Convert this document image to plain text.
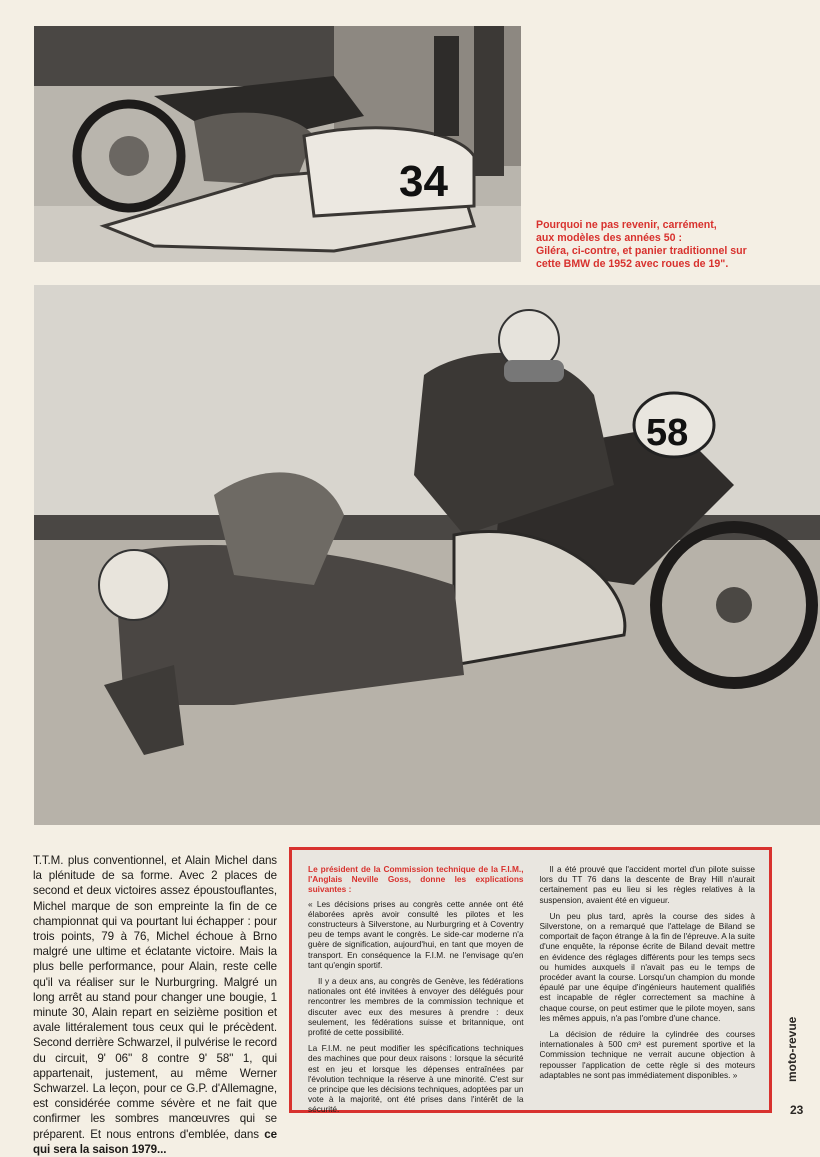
34
Pourquoi ne pas revenir, carrément,
aux modèles des années 50 :
Giléra, ci-contre, et panier traditionnel sur
cette BMW de 1952 avec roues de 19".
58
T.T.M. plus conventionnel, et Alain Michel dans la plénitude de sa forme. Avec 2 places de second et deux victoires assez époustouflantes, Michel marque de son empreinte la fin de ce championnat qui va pourtant lui échapper : pour trois points, 79 à 76, Michel échoue à Brno malgré une ultime et éclatante victoire. Mais la plus belle performance, pour Alain, reste celle qu'il va réaliser sur le Nurburgring. Malgré un long arrêt au stand pour changer une bougie, 1 minute 30, Alain repart en seizième position et avale littéralement tous ceux qui le précèdent. Second derrière Schwarzel, il pulvérise le record du circuit, 9' 06'' 8 contre 9' 58'' 1, qui appartenait, justement, au même Werner Schwarzel. La leçon, pour ce G.P. d'Allemagne, est considérée comme sévère et ne fait que confirmer les sombres manœuvres qui se préparent. Et nous entrons d'emblée, dans ce qui sera la saison 1979...

Le président de la Commission technique de la F.I.M., l'Anglais Neville Goss, donne les explications suivantes :

« Les décisions prises au congrès cette année ont été élaborées après avoir consulté les pilotes et les constructeurs à Silverstone, au Nurburgring et à Coventry peu de temps avant le congrès. Le side-car moderne n'a guère de signification, aujourd'hui, en tant que moyen de transport. En conséquence la F.I.M. ne l'envisage qu'en tant qu'engin sportif.

Il y a deux ans, au congrès de Genève, les fédérations nationales ont été invitées à envoyer des délégués pour rencontrer les membres de la commission technique et discuter avec eux des mesures à prendre : deux seulement, les fédérations suisse et britannique, ont profité de cette possibilité.

La F.I.M. ne peut modifier les spécifications techniques des machines que pour deux raisons : lorsque la sécurité est en jeu et lorsque les dépenses entraînées par l'évolution technique la réserve à une minorité. C'est sur ce principe que les décisions techniques, adoptées par un vote à la majorité, ont été prises dans l'intérêt de la sécurité.

Il a été prouvé que l'accident mortel d'un pilote suisse lors du TT 76 dans la descente de Bray Hill n'aurait certainement pas eu lieu si les règles relatives à la suspension, avaient été en vigueur.

Un peu plus tard, après la course des sides à Silverstone, on a remarqué que l'attelage de Biland se comportait de façon étrange à la fin de l'épreuve. A la suite d'une enquête, la réponse écrite de Biland devait mettre en évidence des réglages différents pour les temps secs ou humides auxquels il n'avait pas eu le temps de procéder avant la course. Lorsqu'un champion du monde épaulé par une équipe d'ingénieurs hautement qualifiés est incapable de régler correctement sa machine à chaque course, on peut estimer que le pilote moyen, sans les mêmes appuis, n'a pas l'ombre d'une chance.

La décision de réduire la cylindrée des courses internationales à 500 cm³ est purement sportive et la Commission technique ne verrait aucune objection à repousser l'application de cette règle si des moteurs adaptables ne sont pas immédiatement disponibles. »	moto-revue
23
